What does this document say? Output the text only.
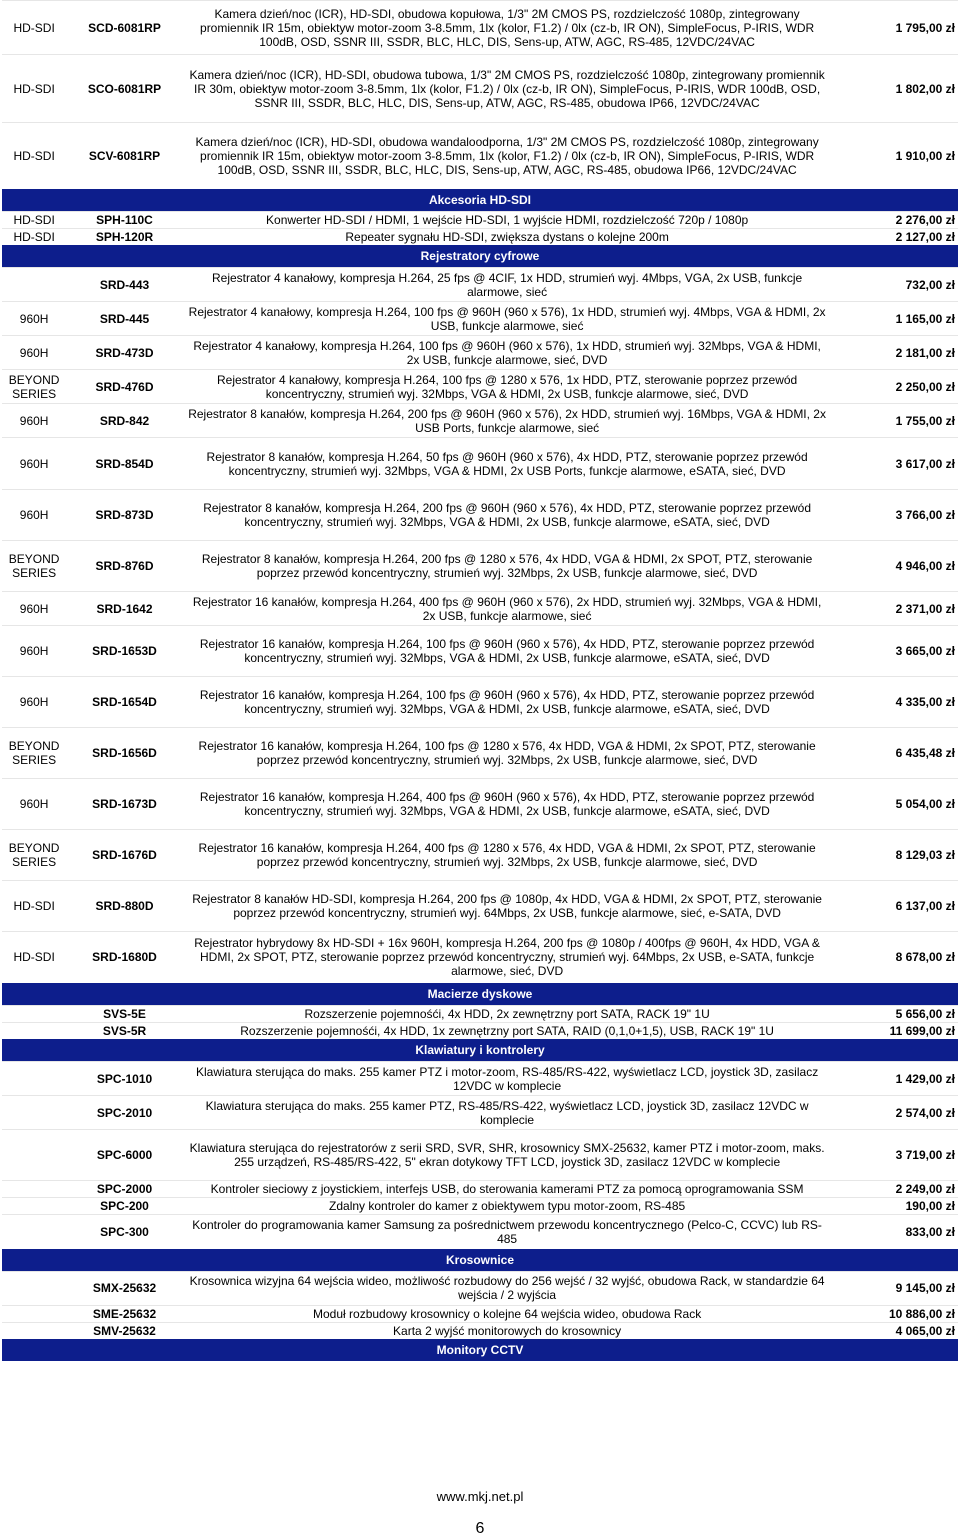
HD-SDI	SCD-6081RP	Kamera dzień/noc (ICR), HD-SDI, obudowa kopułowa, 1/3" 2M CMOS PS, rozdzielczość 1080p, zintegrowany promiennik IR 15m, obiektyw motor-zoom 3-8.5mm, 1lx (kolor, F1.2) / 0lx (cz-b, IR ON), SimpleFocus, P-IRIS, WDR 100dB, OSD, SSNR III, SSDR, BLC, HLC, DIS, Sens-up, ATW, AGC, RS-485, 12VDC/24VAC	1 795,00 zł
HD-SDI	SCO-6081RP	Kamera dzień/noc (ICR), HD-SDI, obudowa tubowa, 1/3" 2M CMOS PS, rozdzielczość 1080p, zintegrowany promiennik IR 30m, obiektyw motor-zoom 3-8.5mm, 1lx (kolor, F1.2) / 0lx (cz-b, IR ON), SimpleFocus, P-IRIS, WDR 100dB, OSD, SSNR III, SSDR, BLC, HLC, DIS, Sens-up, ATW, AGC, RS-485, obudowa IP66, 12VDC/24VAC	1 802,00 zł
HD-SDI	SCV-6081RP	Kamera dzień/noc (ICR), HD-SDI, obudowa wandaloodporna, 1/3" 2M CMOS PS, rozdzielczość 1080p, zintegrowany promiennik IR 15m, obiektyw motor-zoom 3-8.5mm, 1lx (kolor, F1.2) / 0lx (cz-b, IR ON), SimpleFocus, P-IRIS, WDR 100dB, OSD, SSNR III, SSDR, BLC, HLC, DIS, Sens-up, ATW, AGC, RS-485, obudowa IP66, 12VDC/24VAC	1 910,00 zł
Akcesoria HD-SDI			
HD-SDI	SPH-110C	Konwerter HD-SDI / HDMI, 1 wejście HD-SDI, 1 wyjście HDMI, rozdzielczość 720p / 1080p	2 276,00 zł
HD-SDI	SPH-120R	Repeater sygnału HD-SDI, zwiększa dystans o kolejne 200m	2 127,00 zł
Rejestratory cyfrowe			
	SRD-443	Rejestrator 4 kanałowy, kompresja H.264, 25 fps @ 4CIF, 1x HDD, strumień wyj. 4Mbps, VGA, 2x USB, funkcje alarmowe, sieć	732,00 zł
960H	SRD-445	Rejestrator 4 kanałowy, kompresja H.264, 100 fps @ 960H (960 x 576), 1x HDD, strumień wyj. 4Mbps, VGA & HDMI, 2x USB, funkcje alarmowe, sieć	1 165,00 zł
960H	SRD-473D	Rejestrator 4 kanałowy, kompresja H.264, 100 fps @ 960H (960 x 576), 1x HDD, strumień wyj. 32Mbps, VGA & HDMI, 2x USB, funkcje alarmowe, sieć, DVD	2 181,00 zł
BEYOND SERIES	SRD-476D	Rejestrator 4 kanałowy, kompresja H.264, 100 fps @ 1280 x 576, 1x HDD, PTZ, sterowanie poprzez przewód koncentryczny, strumień wyj. 32Mbps, VGA & HDMI, 2x USB, funkcje alarmowe, sieć, DVD	2 250,00 zł
960H	SRD-842	Rejestrator 8 kanałów, kompresja H.264, 200 fps @ 960H (960 x 576), 2x HDD, strumień wyj. 16Mbps, VGA & HDMI, 2x USB Ports, funkcje alarmowe, sieć	1 755,00 zł
960H	SRD-854D	Rejestrator 8 kanałów, kompresja H.264, 50 fps @ 960H (960 x 576), 4x HDD, PTZ, sterowanie poprzez przewód koncentryczny, strumień wyj. 32Mbps, VGA & HDMI, 2x USB Ports, funkcje alarmowe, eSATA, sieć, DVD	3 617,00 zł
960H	SRD-873D	Rejestrator 8 kanałów, kompresja H.264, 200 fps @ 960H (960 x 576), 4x HDD, PTZ, sterowanie poprzez przewód koncentryczny, strumień wyj. 32Mbps, VGA & HDMI, 2x USB, funkcje alarmowe, eSATA, sieć, DVD	3 766,00 zł
BEYOND SERIES	SRD-876D	Rejestrator 8 kanałów, kompresja H.264, 200 fps @ 1280 x 576, 4x HDD, VGA & HDMI, 2x SPOT, PTZ, sterowanie poprzez przewód koncentryczny, strumień wyj. 32Mbps, 2x USB, funkcje alarmowe, sieć, DVD	4 946,00 zł
960H	SRD-1642	Rejestrator 16 kanałów, kompresja H.264, 400 fps @ 960H (960 x 576), 2x HDD, strumień wyj. 32Mbps, VGA & HDMI, 2x USB, funkcje alarmowe, sieć	2 371,00 zł
960H	SRD-1653D	Rejestrator 16 kanałów, kompresja H.264, 100 fps @ 960H (960 x 576), 4x HDD, PTZ, sterowanie poprzez przewód koncentryczny, strumień wyj. 32Mbps, VGA & HDMI, 2x USB, funkcje alarmowe, eSATA, sieć, DVD	3 665,00 zł
960H	SRD-1654D	Rejestrator 16 kanałów, kompresja H.264, 100 fps @ 960H (960 x 576), 4x HDD, PTZ, sterowanie poprzez przewód koncentryczny, strumień wyj. 32Mbps, VGA & HDMI, 2x USB, funkcje alarmowe, eSATA, sieć, DVD	4 335,00 zł
BEYOND SERIES	SRD-1656D	Rejestrator 16 kanałów, kompresja H.264, 100 fps @ 1280 x 576, 4x HDD, VGA & HDMI, 2x SPOT, PTZ, sterowanie poprzez przewód koncentryczny, strumień wyj. 32Mbps, 2x USB, funkcje alarmowe, sieć, DVD	6 435,48 zł
960H	SRD-1673D	Rejestrator 16 kanałów, kompresja H.264, 400 fps @ 960H (960 x 576), 4x HDD, PTZ, sterowanie poprzez przewód koncentryczny, strumień wyj. 32Mbps, VGA & HDMI, 2x USB, funkcje alarmowe, eSATA, sieć, DVD	5 054,00 zł
BEYOND SERIES	SRD-1676D	Rejestrator 16 kanałów, kompresja H.264, 400 fps @ 1280 x 576, 4x HDD, VGA & HDMI, 2x SPOT, PTZ, sterowanie poprzez przewód koncentryczny, strumień wyj. 32Mbps, 2x USB, funkcje alarmowe, sieć, DVD	8 129,03 zł
HD-SDI	SRD-880D	Rejestrator 8 kanałów HD-SDI, kompresja H.264, 200 fps @ 1080p, 4x HDD, VGA & HDMI, 2x SPOT, PTZ, sterowanie poprzez przewód koncentryczny, strumień wyj. 64Mbps, 2x USB, funkcje alarmowe, sieć, e-SATA, DVD	6 137,00 zł
HD-SDI	SRD-1680D	Rejestrator hybrydowy 8x HD-SDI + 16x 960H, kompresja H.264, 200 fps @ 1080p / 400fps @ 960H, 4x HDD, VGA & HDMI, 2x SPOT, PTZ, sterowanie poprzez przewód koncentryczny, strumień wyj. 64Mbps, 2x USB, e-SATA, funkcje alarmowe, sieć, DVD	8 678,00 zł
Macierze dyskowe			
	SVS-5E	Rozszerzenie pojemnośći, 4x HDD, 2x zewnętrzny port SATA, RACK 19" 1U	5 656,00 zł
	SVS-5R	Rozszerzenie pojemnośći, 4x HDD, 1x zewnętrzny port SATA, RAID (0,1,0+1,5), USB, RACK 19" 1U	11 699,00 zł
Klawiatury i kontrolery			
	SPC-1010	Klawiatura sterująca do maks. 255 kamer PTZ i motor-zoom, RS-485/RS-422, wyświetlacz LCD, joystick 3D, zasilacz 12VDC w komplecie	1 429,00 zł
	SPC-2010	Klawiatura sterująca do maks. 255 kamer PTZ, RS-485/RS-422, wyświetlacz LCD, joystick 3D, zasilacz 12VDC w komplecie	2 574,00 zł
	SPC-6000	Klawiatura sterująca do rejestratorów z serii SRD, SVR, SHR, krosownicy SMX-25632, kamer PTZ i motor-zoom, maks. 255 urządzeń, RS-485/RS-422, 5" ekran dotykowy TFT LCD, joystick 3D, zasilacz 12VDC w komplecie	3 719,00 zł
	SPC-2000	Kontroler sieciowy z joystickiem, interfejs USB, do sterowania kamerami PTZ za pomocą oprogramowania SSM	2 249,00 zł
	SPC-200	Zdalny kontroler do kamer z obiektywem typu motor-zoom, RS-485	190,00 zł
	SPC-300	Kontroler do programowania kamer Samsung za pośrednictwem przewodu koncentrycznego (Pelco-C, CCVC) lub RS-485	833,00 zł
Krosownice			
	SMX-25632	Krosownica wizyjna 64 wejścia wideo, możliwość rozbudowy do 256 wejść / 32 wyjść, obudowa Rack, w standardzie 64 wejścia / 2 wyjścia	9 145,00 zł
	SME-25632	Moduł rozbudowy krosownicy o kolejne 64 wejścia wideo, obudowa Rack	10 886,00 zł
	SMV-25632	Karta 2 wyjść monitorowych do krosownicy	4 065,00 zł
Monitory CCTV			
www.mkj.net.pl
6
